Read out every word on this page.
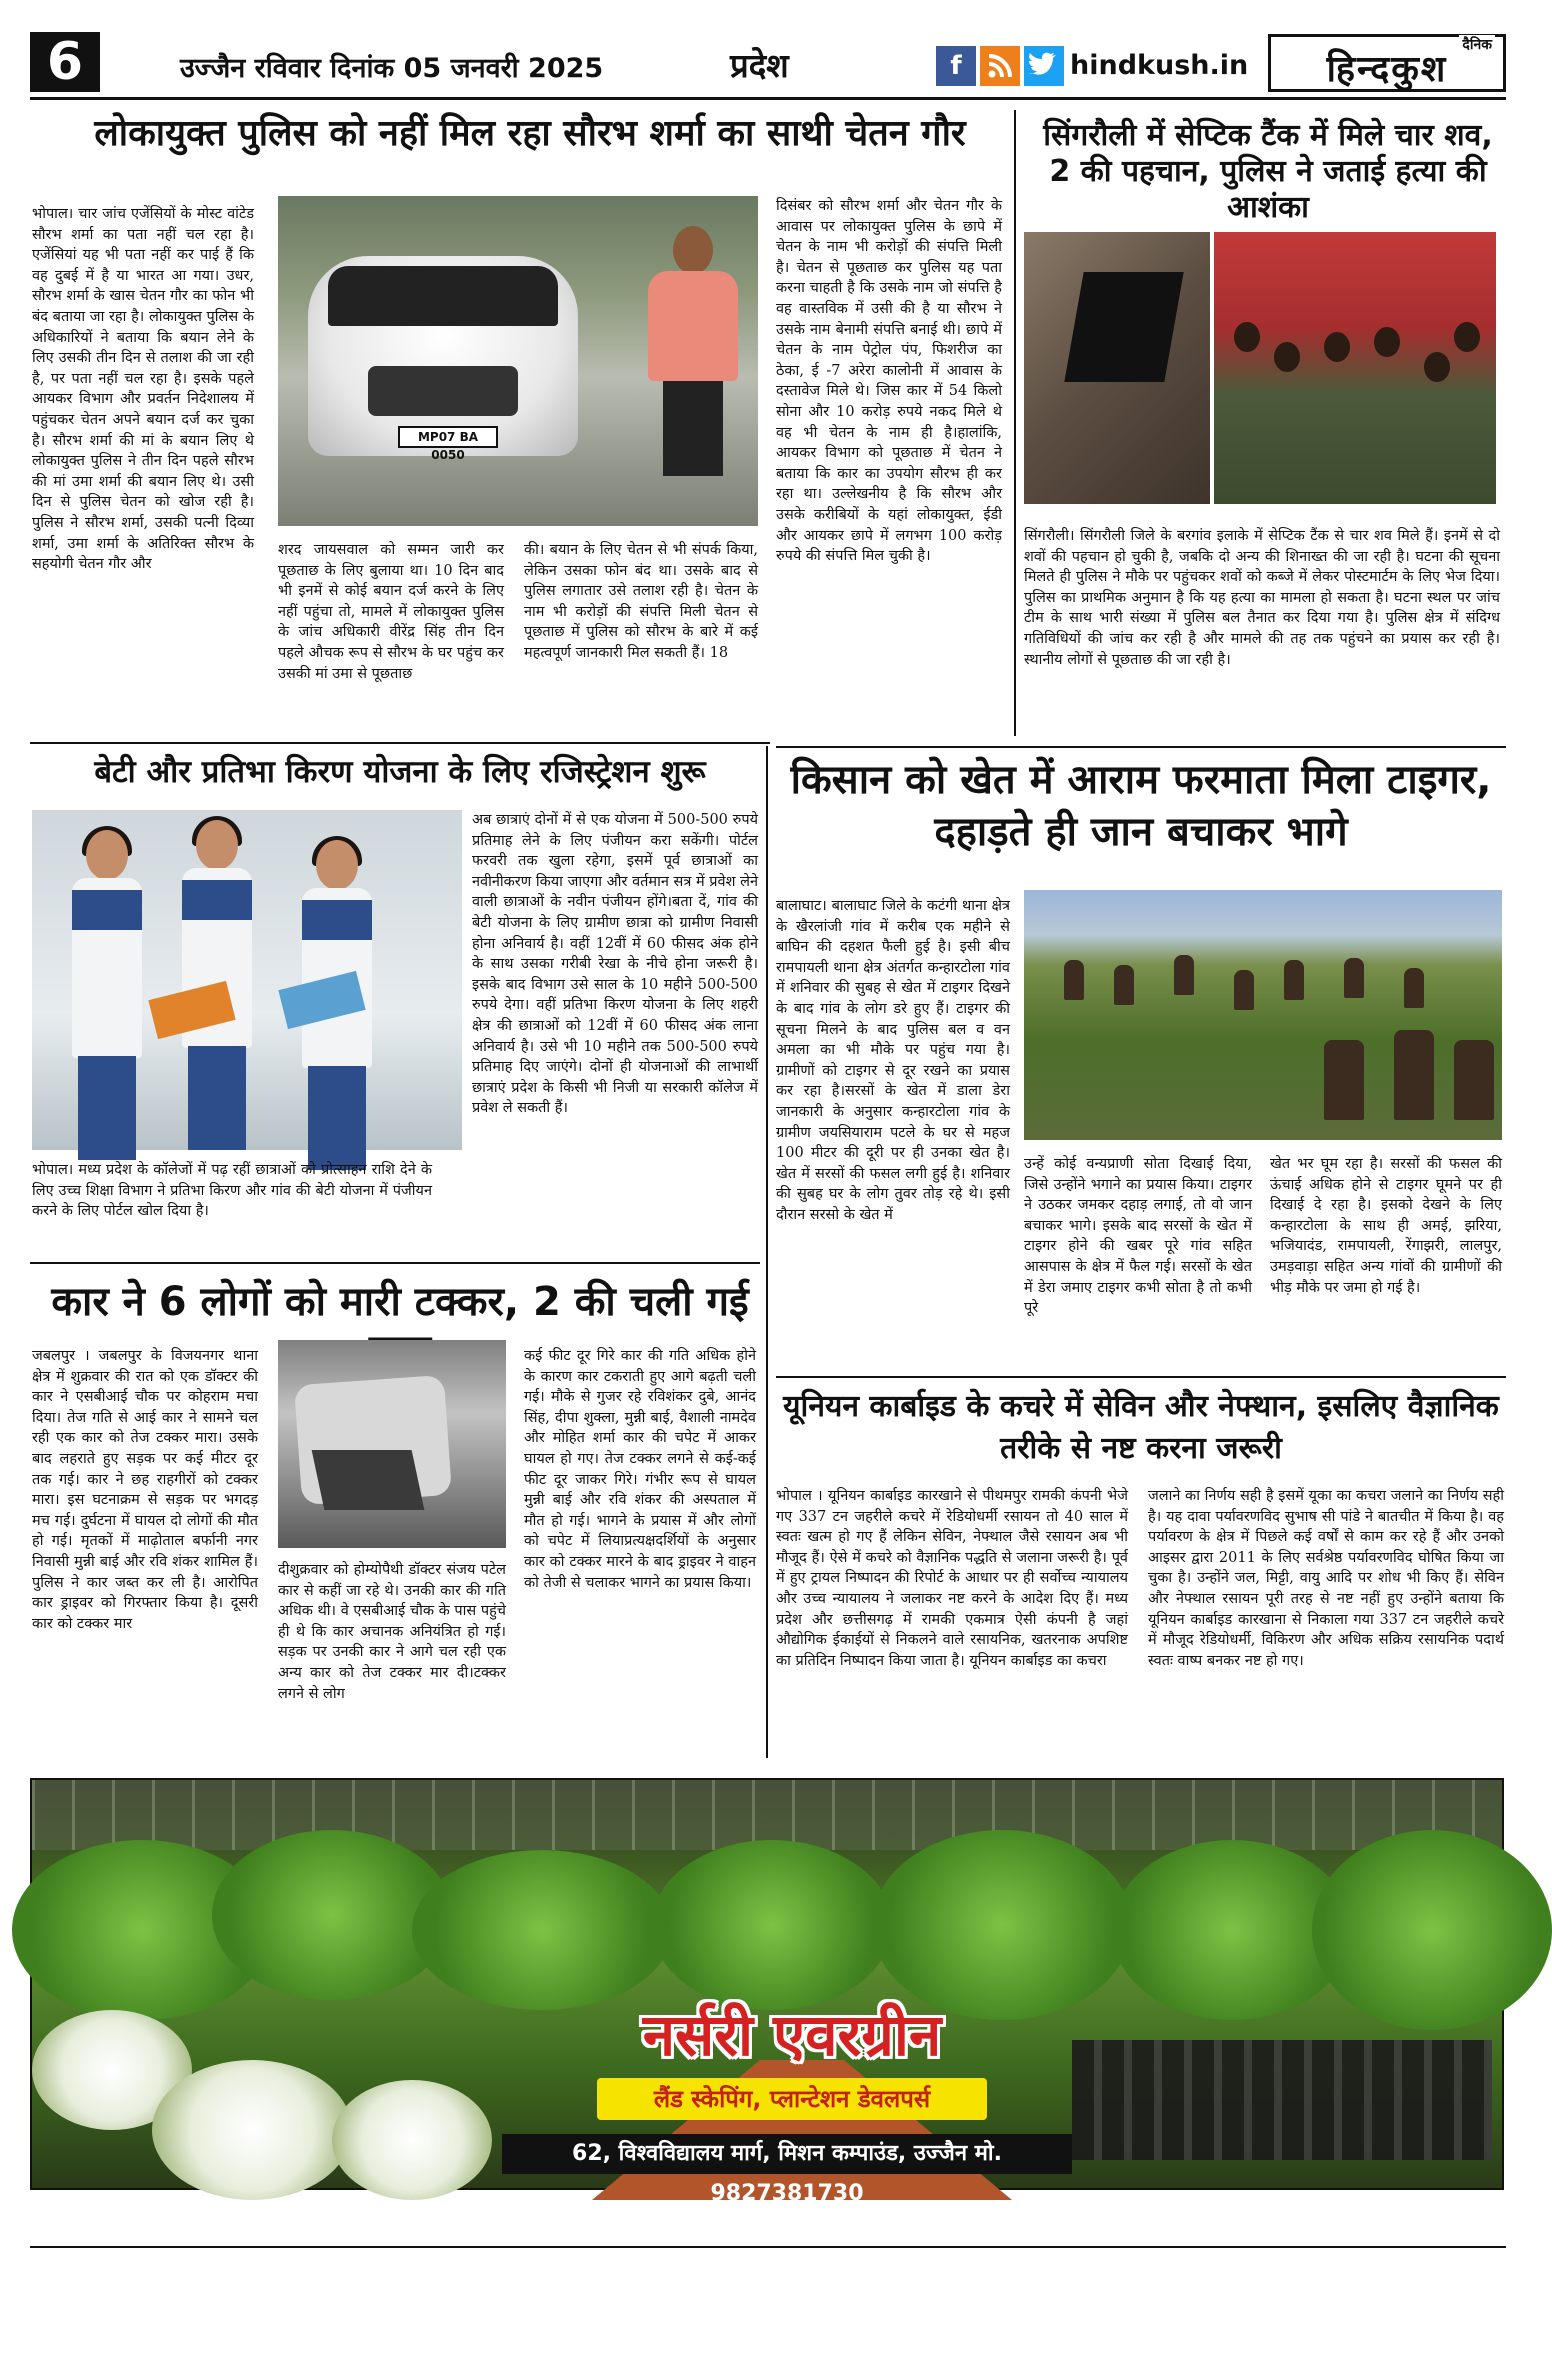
6	उज्जैन रविवार दिनांक 05 जनवरी 2025	प्रदेश	f	hindkush.in
दैनिक
हिन्दकुश
लोकायुक्त पुलिस को नहीं मिल रहा सौरभ शर्मा का साथी चेतन गौर
भोपाल। चार जांच एजेंसियों के मोस्ट वांटेड सौरभ शर्मा का पता नहीं चल रहा है। एजेंसियां यह भी पता नहीं कर पाई हैं कि वह दुबई में है या भारत आ गया। उधर, सौरभ शर्मा के खास चेतन गौर का फोन भी बंद बताया जा रहा है। लोकायुक्त पुलिस के अधिकारियों ने बताया कि बयान लेने के लिए उसकी तीन दिन से तलाश की जा रही है, पर पता नहीं चल रहा है। इसके पहले आयकर विभाग और प्रवर्तन निदेशालय में पहुंचकर चेतन अपने बयान दर्ज कर चुका है। सौरभ शर्मा की मां के बयान लिए थे लोकायुक्त पुलिस ने तीन दिन पहले सौरभ की मां उमा शर्मा की बयान लिए थे। उसी दिन से पुलिस चेतन को खोज रही है। पुलिस ने सौरभ शर्मा, उसकी पत्नी दिव्या शर्मा, उमा शर्मा के अतिरिक्त सौरभ के सहयोगी चेतन गौर और
MP07 BA 0050
शरद जायसवाल को सम्मन जारी कर पूछताछ के लिए बुलाया था। 10 दिन बाद भी इनमें से कोई बयान दर्ज करने के लिए नहीं पहुंचा तो, मामले में लोकायुक्त पुलिस के जांच अधिकारी वीरेंद्र सिंह तीन दिन पहले औचक रूप से सौरभ के घर पहुंच कर उसकी मां उमा से पूछताछ
की। बयान के लिए चेतन से भी संपर्क किया, लेकिन उसका फोन बंद था। उसके बाद से पुलिस लगातार उसे तलाश रही है। चेतन के नाम भी करोड़ों की संपत्ति मिली चेतन से पूछताछ में पुलिस को सौरभ के बारे में कई महत्वपूर्ण जानकारी मिल सकती हैं। 18
दिसंबर को सौरभ शर्मा और चेतन गौर के आवास पर लोकायुक्त पुलिस के छापे में चेतन के नाम भी करोड़ों की संपत्ति मिली है। चेतन से पूछताछ कर पुलिस यह पता करना चाहती है कि उसके नाम जो संपत्ति है वह वास्तविक में उसी की है या सौरभ ने उसके नाम बेनामी संपत्ति बनाई थी। छापे में चेतन के नाम पेट्रोल पंप, फिशरीज का ठेका, ई -7 अरेरा कालोनी में आवास के दस्तावेज मिले थे। जिस कार में 54 किलो सोना और 10 करोड़ रुपये नकद मिले थे वह भी चेतन के नाम ही है।हालांकि, आयकर विभाग को पूछताछ में चेतन ने बताया कि कार का उपयोग सौरभ ही कर रहा था। उल्लेखनीय है कि सौरभ और उसके करीबियों के यहां लोकायुक्त, ईडी और आयकर छापे में लगभग 100 करोड़ रुपये की संपत्ति मिल चुकी है।
सिंगरौली में सेप्टिक टैंक में मिले चार शव, 2 की पहचान, पुलिस ने जताई हत्या की आशंका
सिंगरौली। सिंगरौली जिले के बरगांव इलाके में सेप्टिक टैंक से चार शव मिले हैं। इनमें से दो शवों की पहचान हो चुकी है, जबकि दो अन्य की शिनाख्त की जा रही है। घटना की सूचना मिलते ही पुलिस ने मौके पर पहुंचकर शवों को कब्जे में लेकर पोस्टमार्टम के लिए भेज दिया। पुलिस का प्राथमिक अनुमान है कि यह हत्या का मामला हो सकता है। घटना स्थल पर जांच टीम के साथ भारी संख्या में पुलिस बल तैनात कर दिया गया है। पुलिस क्षेत्र में संदिग्ध गतिविधियों की जांच कर रही है और मामले की तह तक पहुंचने का प्रयास कर रही है। स्थानीय लोगों से पूछताछ की जा रही है।
बेटी और प्रतिभा किरण योजना के लिए रजिस्ट्रेशन शुरू
अब छात्राएं दोनों में से एक योजना में 500-500 रुपये प्रतिमाह लेने के लिए पंजीयन करा सकेंगी। पोर्टल फरवरी तक खुला रहेगा, इसमें पूर्व छात्राओं का नवीनीकरण किया जाएगा और वर्तमान सत्र में प्रवेश लेने वाली छात्राओं के नवीन पंजीयन होंगे।बता दें, गांव की बेटी योजना के लिए ग्रामीण छात्रा को ग्रामीण निवासी होना अनिवार्य है। वहीं 12वीं में 60 फीसद अंक होने के साथ उसका गरीबी रेखा के नीचे होना जरूरी है। इसके बाद विभाग उसे साल के 10 महीने 500-500 रुपये देगा। वहीं प्रतिभा किरण योजना के लिए शहरी क्षेत्र की छात्राओं को 12वीं में 60 फीसद अंक लाना अनिवार्य है। उसे भी 10 महीने तक 500-500 रुपये प्रतिमाह दिए जाएंगे। दोनों ही योजनाओं की लाभार्थी छात्राएं प्रदेश के किसी भी निजी या सरकारी कॉलेज में प्रवेश ले सकती हैं।
भोपाल। मध्य प्रदेश के कॉलेजों में पढ़ रहीं छात्राओं को प्रोत्साहन राशि देने के लिए उच्च शिक्षा विभाग ने प्रतिभा किरण और गांव की बेटी योजना में पंजीयन करने के लिए पोर्टल खोल दिया है।
किसान को खेत में आराम फरमाता मिला टाइगर, दहाड़ते ही जान बचाकर भागे
बालाघाट। बालाघाट जिले के कटंगी थाना क्षेत्र के खैरलांजी गांव में करीब एक महीने से बाघिन की दहशत फैली हुई है। इसी बीच रामपायली थाना क्षेत्र अंतर्गत कन्हारटोला गांव में शनिवार की सुबह से खेत में टाइगर दिखने के बाद गांव के लोग डरे हुए हैं। टाइगर की सूचना मिलने के बाद पुलिस बल व वन अमला का भी मौके पर पहुंच गया है। ग्रामीणों को टाइगर से दूर रखने का प्रयास कर रहा है।सरसों के खेत में डाला डेरा जानकारी के अनुसार कन्हारटोला गांव के ग्रामीण जयसियाराम पटले के घर से महज 100 मीटर की दूरी पर ही उनका खेत है। खेत में सरसों की फसल लगी हुई है। शनिवार की सुबह घर के लोग तुवर तोड़ रहे थे। इसी दौरान सरसो के खेत में
उन्हें कोई वन्यप्राणी सोता दिखाई दिया, जिसे उन्होंने भगाने का प्रयास किया। टाइगर ने उठकर जमकर दहाड़ लगाई, तो वो जान बचाकर भागे। इसके बाद सरसों के खेत में टाइगर होने की खबर पूरे गांव सहित आसपास के क्षेत्र में फैल गई। सरसों के खेत में डेरा जमाए टाइगर कभी सोता है तो कभी पूरे
खेत भर घूम रहा है। सरसों की फसल की ऊंचाई अधिक होने से टाइगर घूमने पर ही दिखाई दे रहा है। इसको देखने के लिए कन्हारटोला के साथ ही अमई, झरिया, भजियादंड, रामपायली, रेंगाझरी, लालपुर, उमड़वाड़ा सहित अन्य गांवों की ग्रामीणों की भीड़ मौके पर जमा हो गई है।
कार ने 6 लोगों को मारी टक्कर, 2 की चली गई
जबलपुर । जबलपुर के विजयनगर थाना क्षेत्र में शुक्रवार की रात को एक डॉक्टर की कार ने एसबीआई चौक पर कोहराम मचा दिया। तेज गति से आई कार ने सामने चल रही एक कार को तेज टक्कर मारा। उसके बाद लहराते हुए सड़क पर कई मीटर दूर तक गई। कार ने छह राहगीरों को टक्कर मारा। इस घटनाक्रम से सड़क पर भगदड़ मच गई। दुर्घटना में घायल दो लोगों की मौत हो गई। मृतकों में माढ़ोताल बर्फानी नगर निवासी मुन्नी बाई और रवि शंकर शामिल हैं। पुलिस ने कार जब्त कर ली है। आरोपित कार ड्राइवर को गिरफ्तार किया है। दूसरी कार को टक्कर मार
दीशुक्रवार को होम्योपैथी डॉक्टर संजय पटेल कार से कहीं जा रहे थे। उनकी कार की गति अधिक थी। वे एसबीआई चौक के पास पहुंचे ही थे कि कार अचानक अनियंत्रित हो गई। सड़क पर उनकी कार ने आगे चल रही एक अन्य कार को तेज टक्कर मार दी।टक्कर लगने से लोग
कई फीट दूर गिरे कार की गति अधिक होने के कारण कार टकराती हुए आगे बढ़ती चली गई। मौके से गुजर रहे रविशंकर दुबे, आनंद सिंह, दीपा शुक्ला, मुन्नी बाई, वैशाली नामदेव और मोहित शर्मा कार की चपेट में आकर घायल हो गए। तेज टक्कर लगने से कई-कई फीट दूर जाकर गिरे। गंभीर रूप से घायल मुन्नी बाई और रवि शंकर की अस्पताल में मौत हो गई। भागने के प्रयास में और लोगों को चपेट में लियाप्रत्यक्षदर्शियों के अनुसार कार को टक्कर मारने के बाद ड्राइवर ने वाहन को तेजी से चलाकर भागने का प्रयास किया।
यूनियन कार्बाइड के कचरे में सेविन और नेफ्थान, इसलिए वैज्ञानिक तरीके से नष्ट करना जरूरी
भोपाल । यूनियन कार्बाइड कारखाने से पीथमपुर रामकी कंपनी भेजे गए 337 टन जहरीले कचरे में रेडियोधर्मी रसायन तो 40 साल में स्वतः खत्म हो गए हैं लेकिन सेविन, नेफ्थाल जैसे रसायन अब भी मौजूद हैं। ऐसे में कचरे को वैज्ञानिक पद्धति से जलाना जरूरी है। पूर्व में हुए ट्रायल निष्पादन की रिपोर्ट के आधार पर ही सर्वोच्च न्यायालय और उच्च न्यायालय ने जलाकर नष्ट करने के आदेश दिए हैं। मध्य प्रदेश और छत्तीसगढ़ में रामकी एकमात्र ऐसी कंपनी है जहां औद्योगिक ईकाईयों से निकलने वाले रसायनिक, खतरनाक अपशिष्ट का प्रतिदिन निष्पादन किया जाता है। यूनियन कार्बाइड का कचरा
जलाने का निर्णय सही है इसमें यूका का कचरा जलाने का निर्णय सही है। यह दावा पर्यावरणविद सुभाष सी पांडे ने बातचीत में किया है। वह पर्यावरण के क्षेत्र में पिछले कई वर्षों से काम कर रहे हैं और उनको आइसर द्वारा 2011 के लिए सर्वश्रेष्ठ पर्यावरणविद घोषित किया जा चुका है। उन्होंने जल, मिट्टी, वायु आदि पर शोध भी किए हैं। सेविन और नेफ्थाल रसायन पूरी तरह से नष्ट नहीं हुए उन्होंने बताया कि यूनियन कार्बाइड कारखाना से निकाला गया 337 टन जहरीले कचरे में मौजूद रेडियोधर्मी, विकिरण और अधिक सक्रिय रसायनिक पदार्थ स्वतः वाष्प बनकर नष्ट हो गए।
नर्सरी एवरग्रीन
लैंड स्केपिंग, प्लान्टेशन डेवलपर्स
62, विश्वविद्यालय मार्ग, मिशन कम्पाउंड, उज्जैन मो. 9827381730
